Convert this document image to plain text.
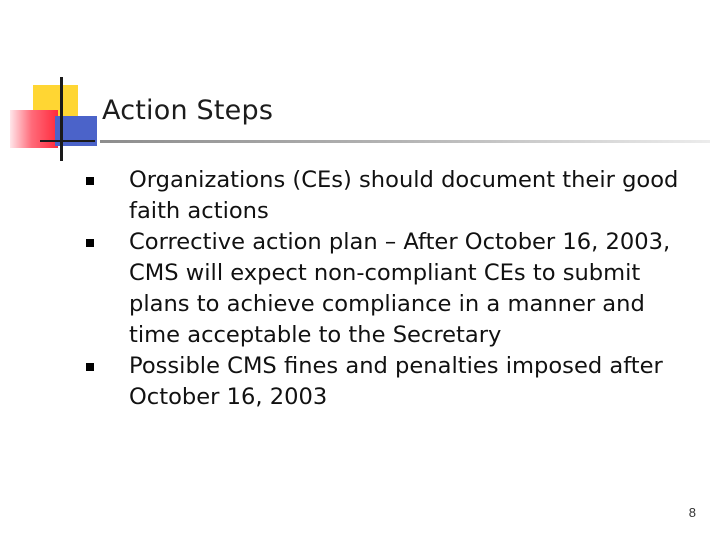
Action Steps
Organizations (CEs) should document their good faith actions
Corrective action plan – After October 16, 2003, CMS will expect non-compliant CEs to submit plans to achieve compliance in a manner and time acceptable to the Secretary
Possible CMS fines and penalties imposed after October 16, 2003
8
